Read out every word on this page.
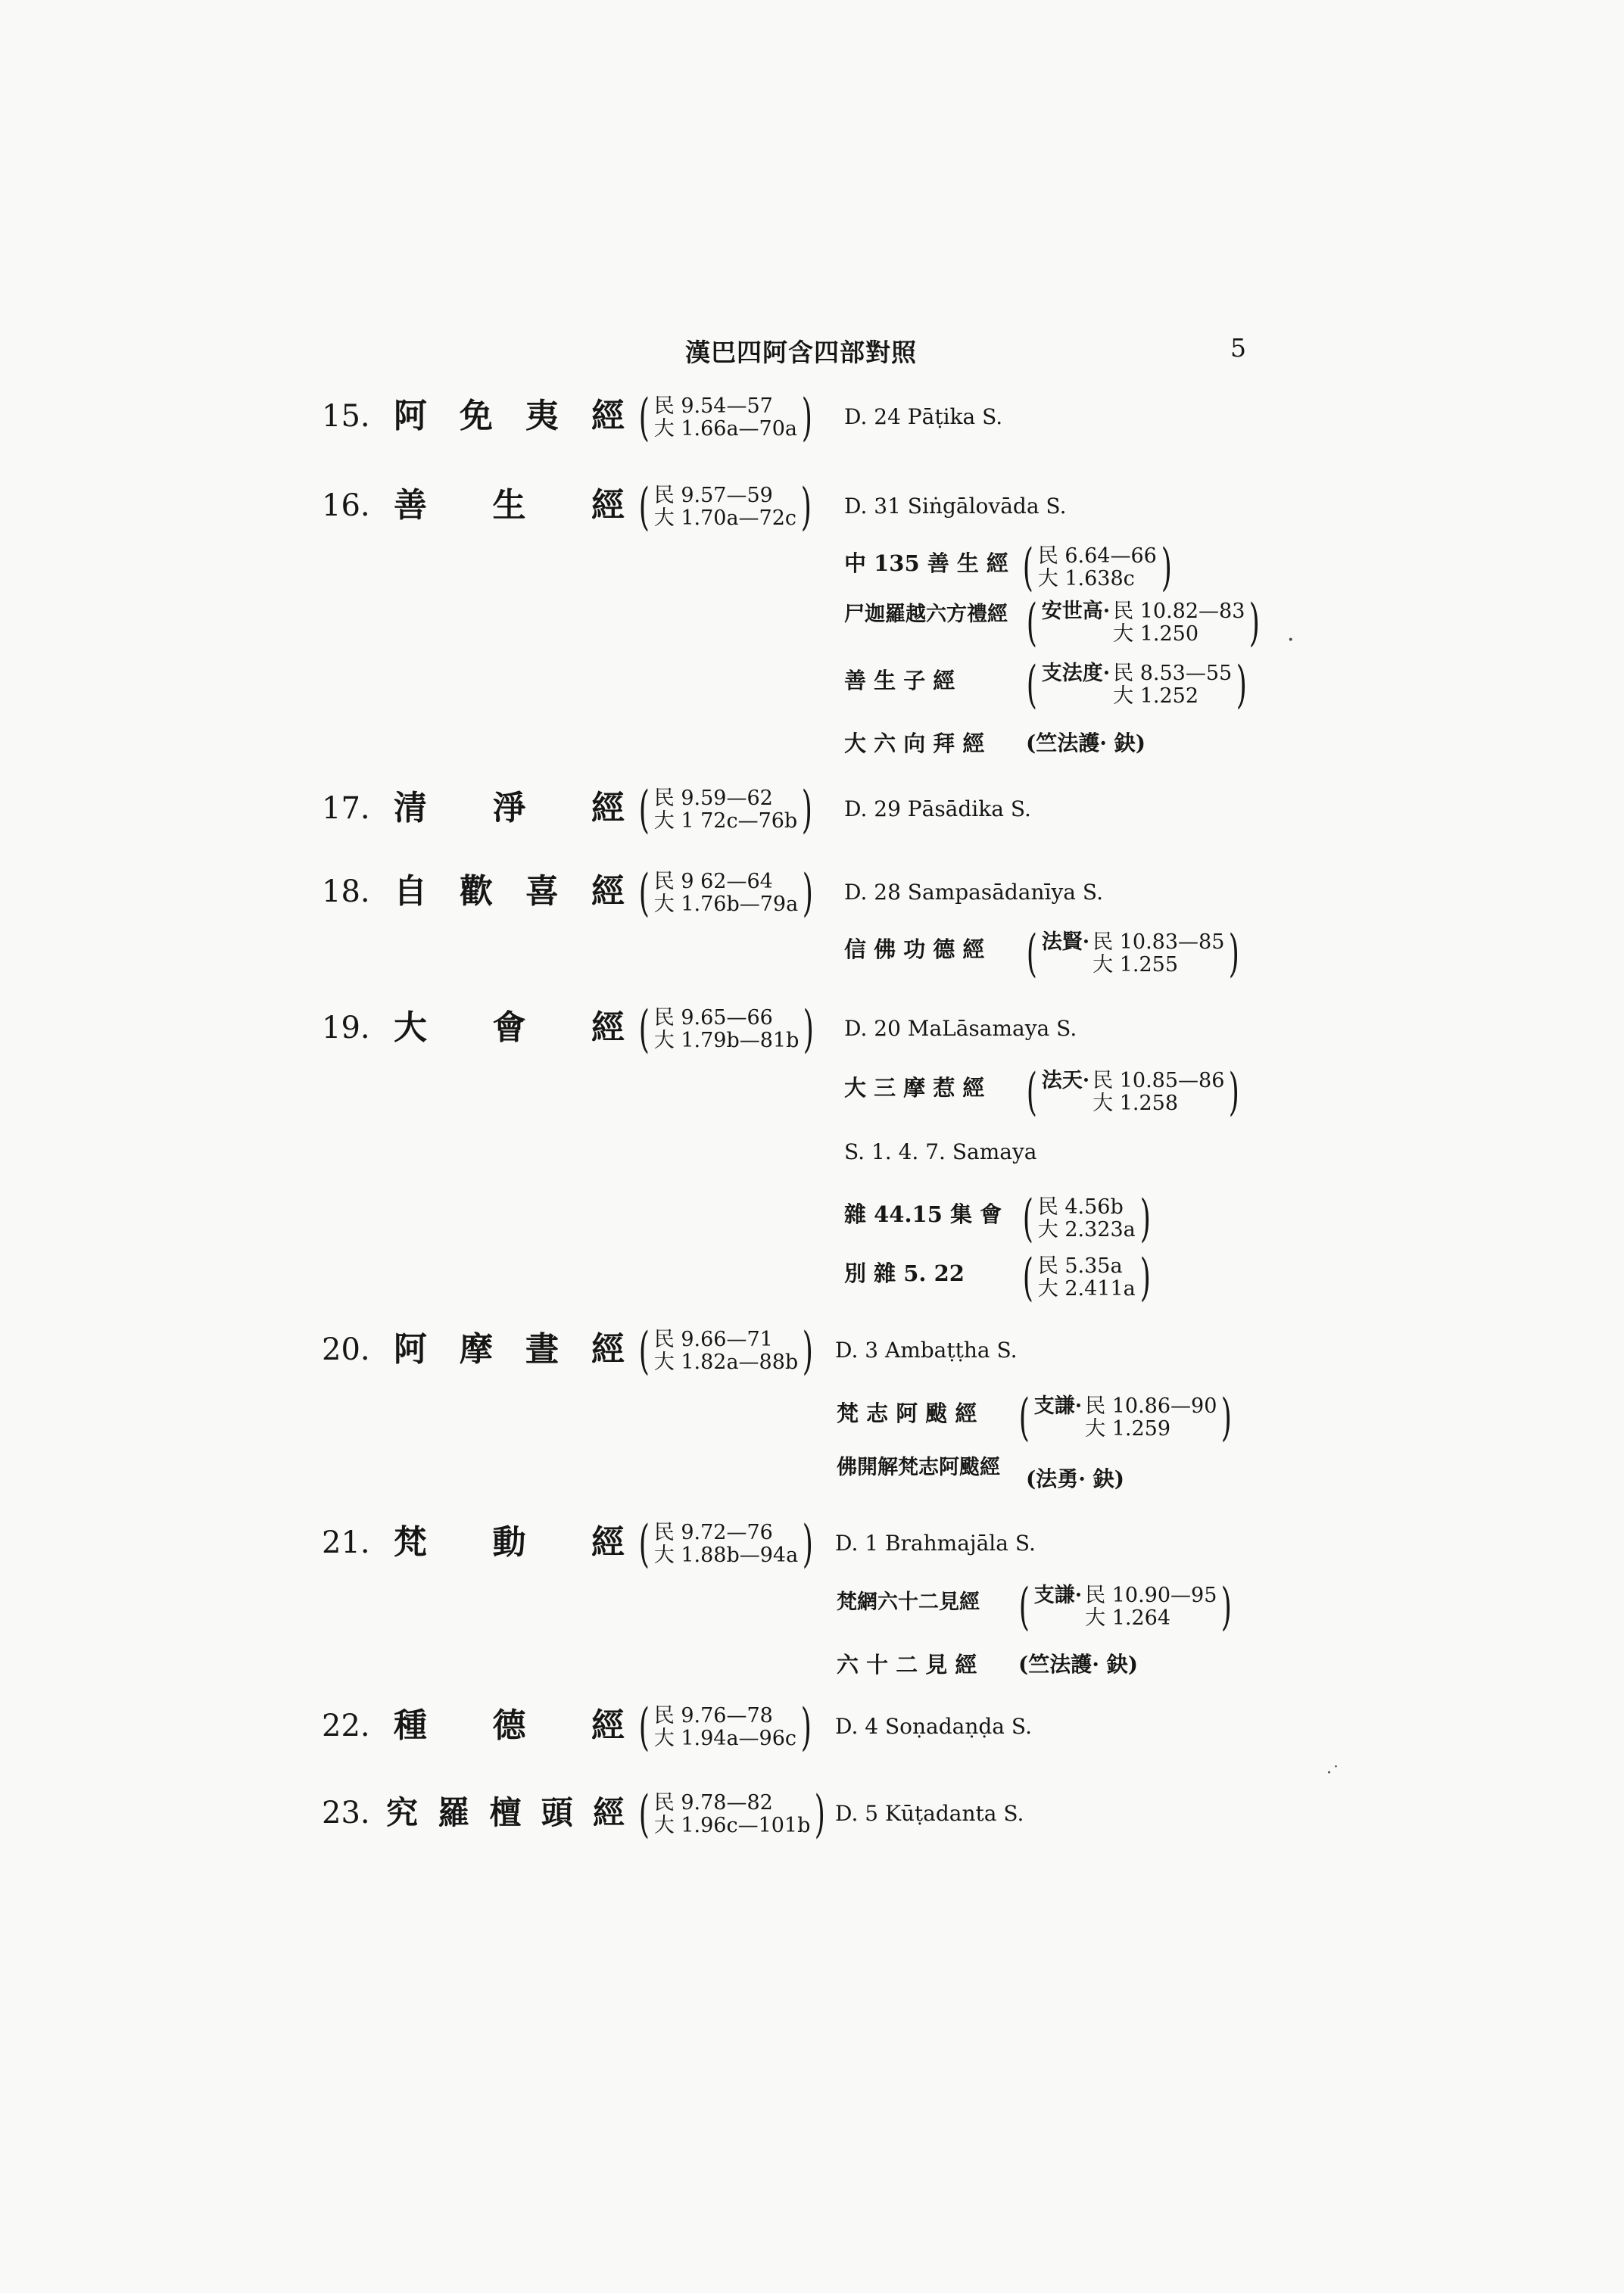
漢巴四阿含四部對照	5
15. 阿 免 夷 經 ( 民 9.54—57
大 1.66a—70a ) D. 24 Pāṭika S.
16. 善 生 經 ( 民 9.57—59
大 1.70a—72c ) D. 31 Siṅgālovāda S.
中 135 善 生 經 ( 民 6.64—66
大 1.638c )
尸迦羅越六方禮經 ( 安世高· 民 10.82—83
大 1.250	)
善 生 子 經 ( 支法度· 民 8.53—55
大 1.252 )
大 六 向 拜 經 (竺法護· 鈌)
17. 清 淨 經 ( 民 9.59—62
大 1 72c—76b ) D. 29 Pāsādika S.
18. 自 歡 喜 經 ( 民 9 62—64
大 1.76b—79a ) D. 28 Sampasādanīya S.
信 佛 功 德 經 ( 法賢· 民 10.83—85
大 1.255	)
19. 大 會 經 ( 民 9.65—66
大 1.79b—81b ) D. 20 MaLāsamaya S.
大 三 摩 惹 經 ( 法天· 民 10.85—86
大 1.258	)
S. 1. 4. 7. Samaya
雜 44.15 集 會 ( 民 4.56b
大 2.323a )
別 雜 5. 22 ( 民 5.35a
大 2.411a )
20. 阿 摩 晝 經 ( 民 9.66—71
大 1.82a—88b ) D. 3 Ambaṭṭha S.
梵 志 阿 颰 經 ( 支謙· 民 10.86—90
大 1.259	)
佛開解梵志阿颰經	(法勇· 鈌)
21. 梵 動 經 ( 民 9.72—76
大 1.88b—94a ) D. 1 Brahmajāla S.
梵網六十二見經 ( 支謙· 民 10.90—95
大 1.264	)
六 十 二 見 經 (竺法護· 鈌)
22. 種 德 經 ( 民 9.76—78
大 1.94a—96c ) D. 4 Soṇadaṇḍa S.
23. 究 羅 檀 頭 經 ( 民 9.78—82
大 1.96c—101b ) D. 5 Kūṭadanta S.
·
·˙
